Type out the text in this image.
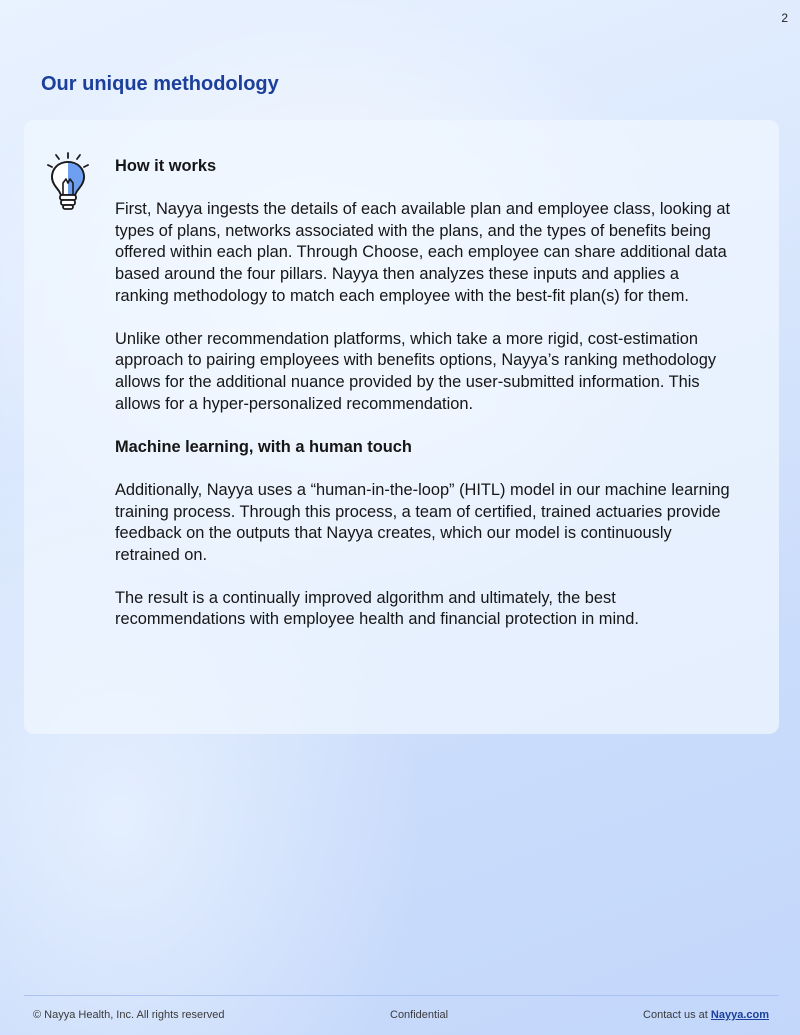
2
Our unique methodology
How it works

First, Nayya ingests the details of each available plan and employee class, looking at types of plans, networks associated with the plans, and the types of benefits being offered within each plan. Through Choose, each employee can share additional data based around the four pillars. Nayya then analyzes these inputs and applies a ranking methodology to match each employee with the best-fit plan(s) for them.

Unlike other recommendation platforms, which take a more rigid, cost-estimation approach to pairing employees with benefits options, Nayya’s ranking methodology allows for the additional nuance provided by the user-submitted information. This allows for a hyper-personalized recommendation.

Machine learning, with a human touch

Additionally, Nayya uses a “human-in-the-loop” (HITL) model in our machine learning training process. Through this process, a team of certified, trained actuaries provide feedback on the outputs that Nayya creates, which our model is continuously retrained on.

The result is a continually improved algorithm and ultimately, the best recommendations with employee health and financial protection in mind.

© Nayya Health, Inc. All rights reserved	Confidential	Contact us at Nayya.com
